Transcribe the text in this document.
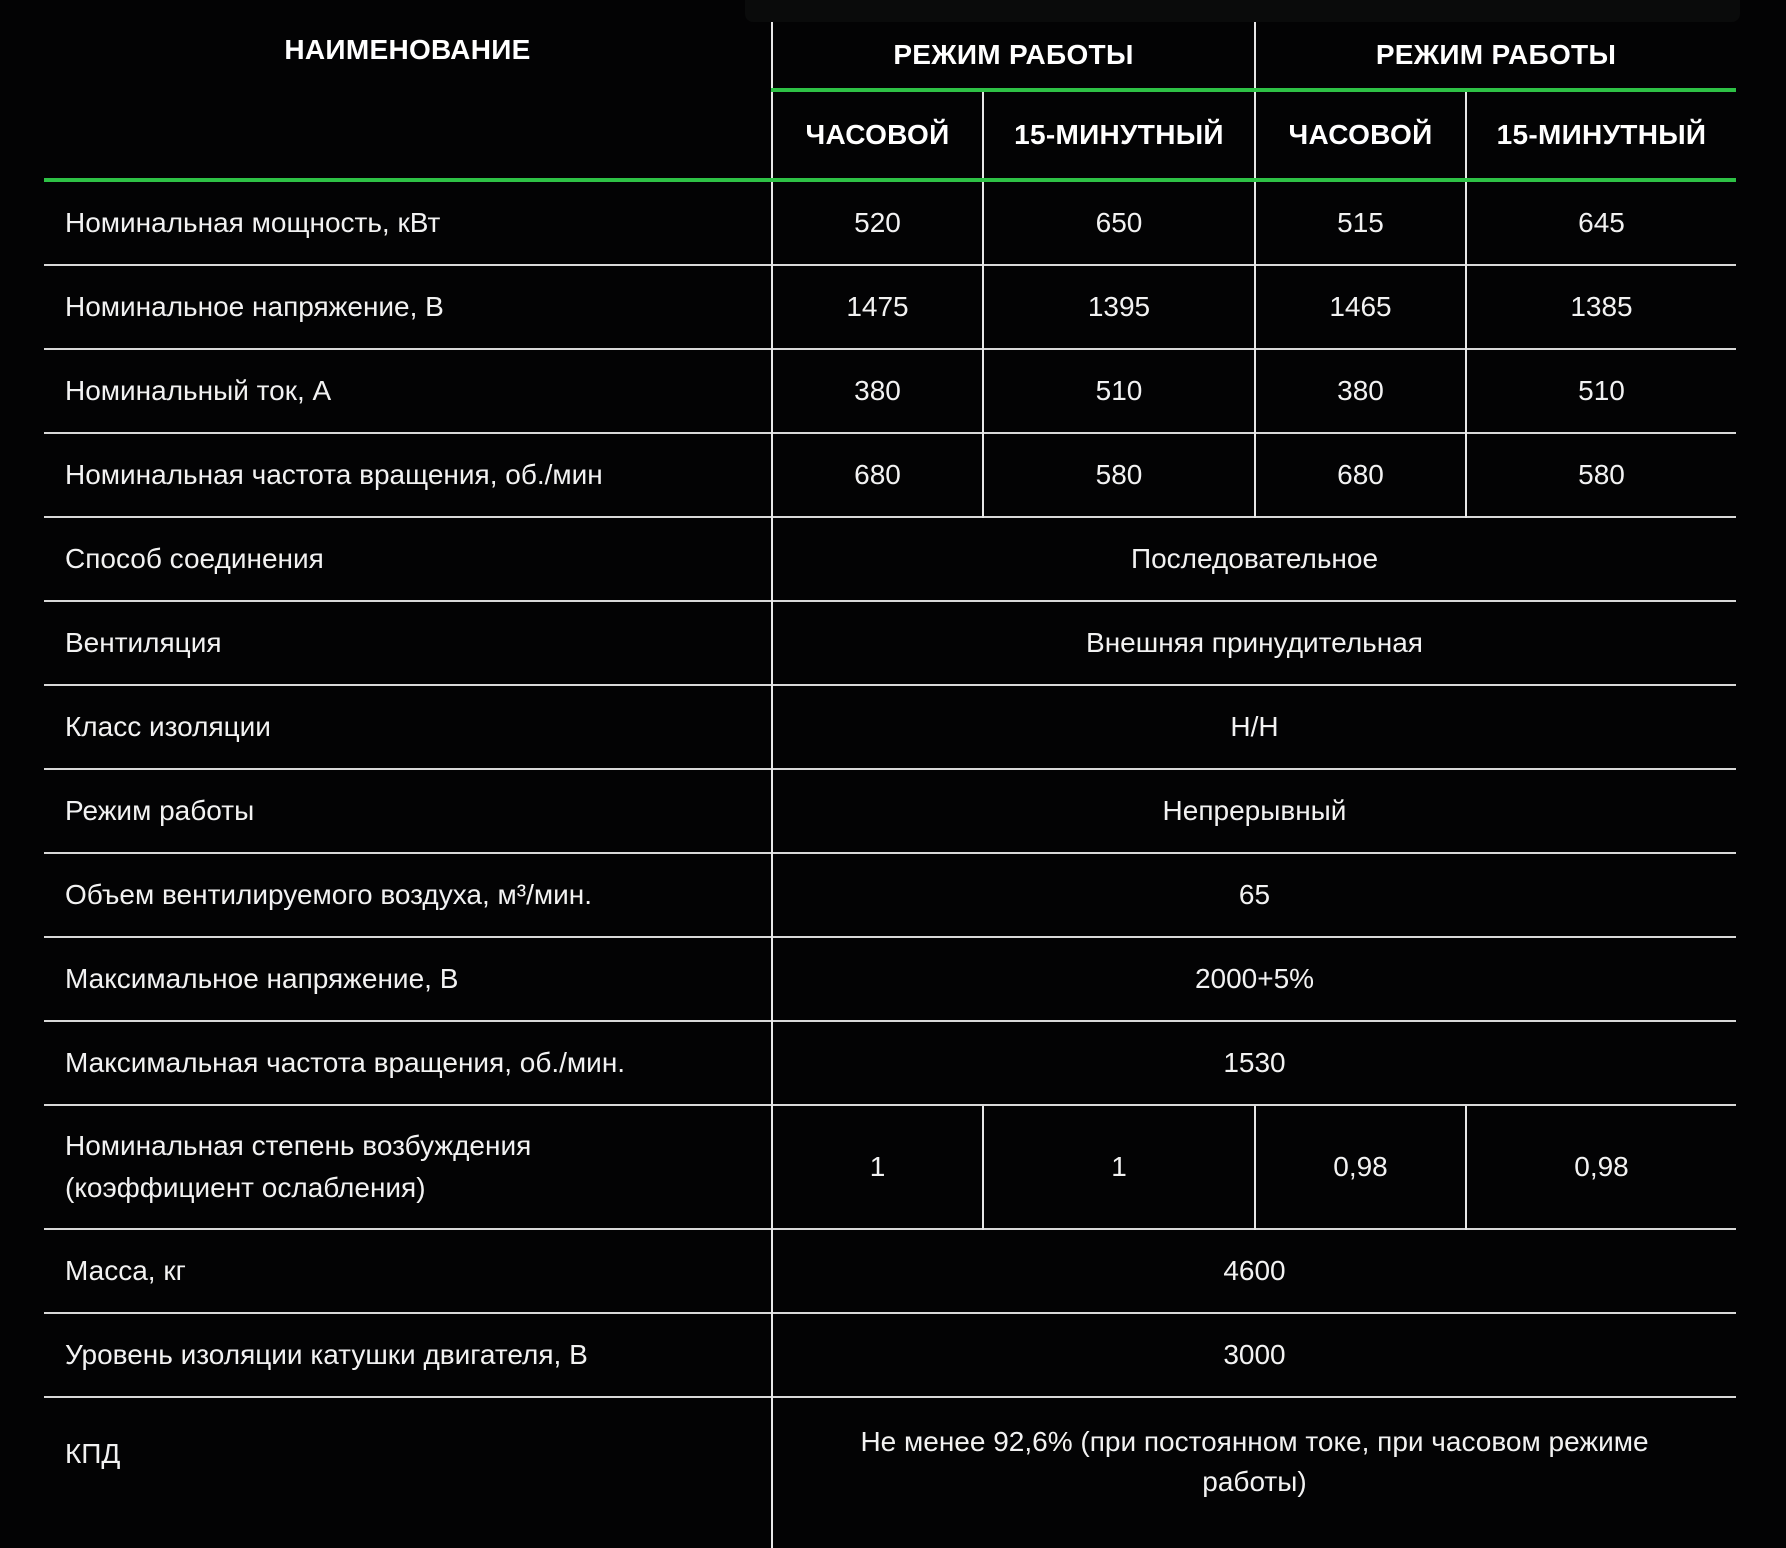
НАИМЕНОВАНИЕ	РЕЖИМ РАБОТЫ		РЕЖИМ РАБОТЫ	
	ЧАСОВОЙ	15-МИНУТНЫЙ	ЧАСОВОЙ	15-МИНУТНЫЙ
Номинальная мощность, кВт	520	650	515	645
Номинальное напряжение, В	1475	1395	1465	1385
Номинальный ток, А	380	510	380	510
Номинальная частота вращения, об./мин	680	580	680	580
Способ соединения	Последовательное			
Вентиляция	Внешняя принудительная			
Класс изоляции	H/H			
Режим работы	Непрерывный			
Объем вентилируемого воздуха, м³/мин.	65			
Максимальное напряжение, В	2000+5%			
Максимальная частота вращения, об./мин.	1530			

Номинальная степень возбуждения
(коэффициент ослабления)	1	1	0,98	0,98
Масса, кг	4600			
Уровень изоляции катушки двигателя, В	3000			
КПД	Не менее 92,6% (при постоянном токе, при часовом режиме
работы)			
